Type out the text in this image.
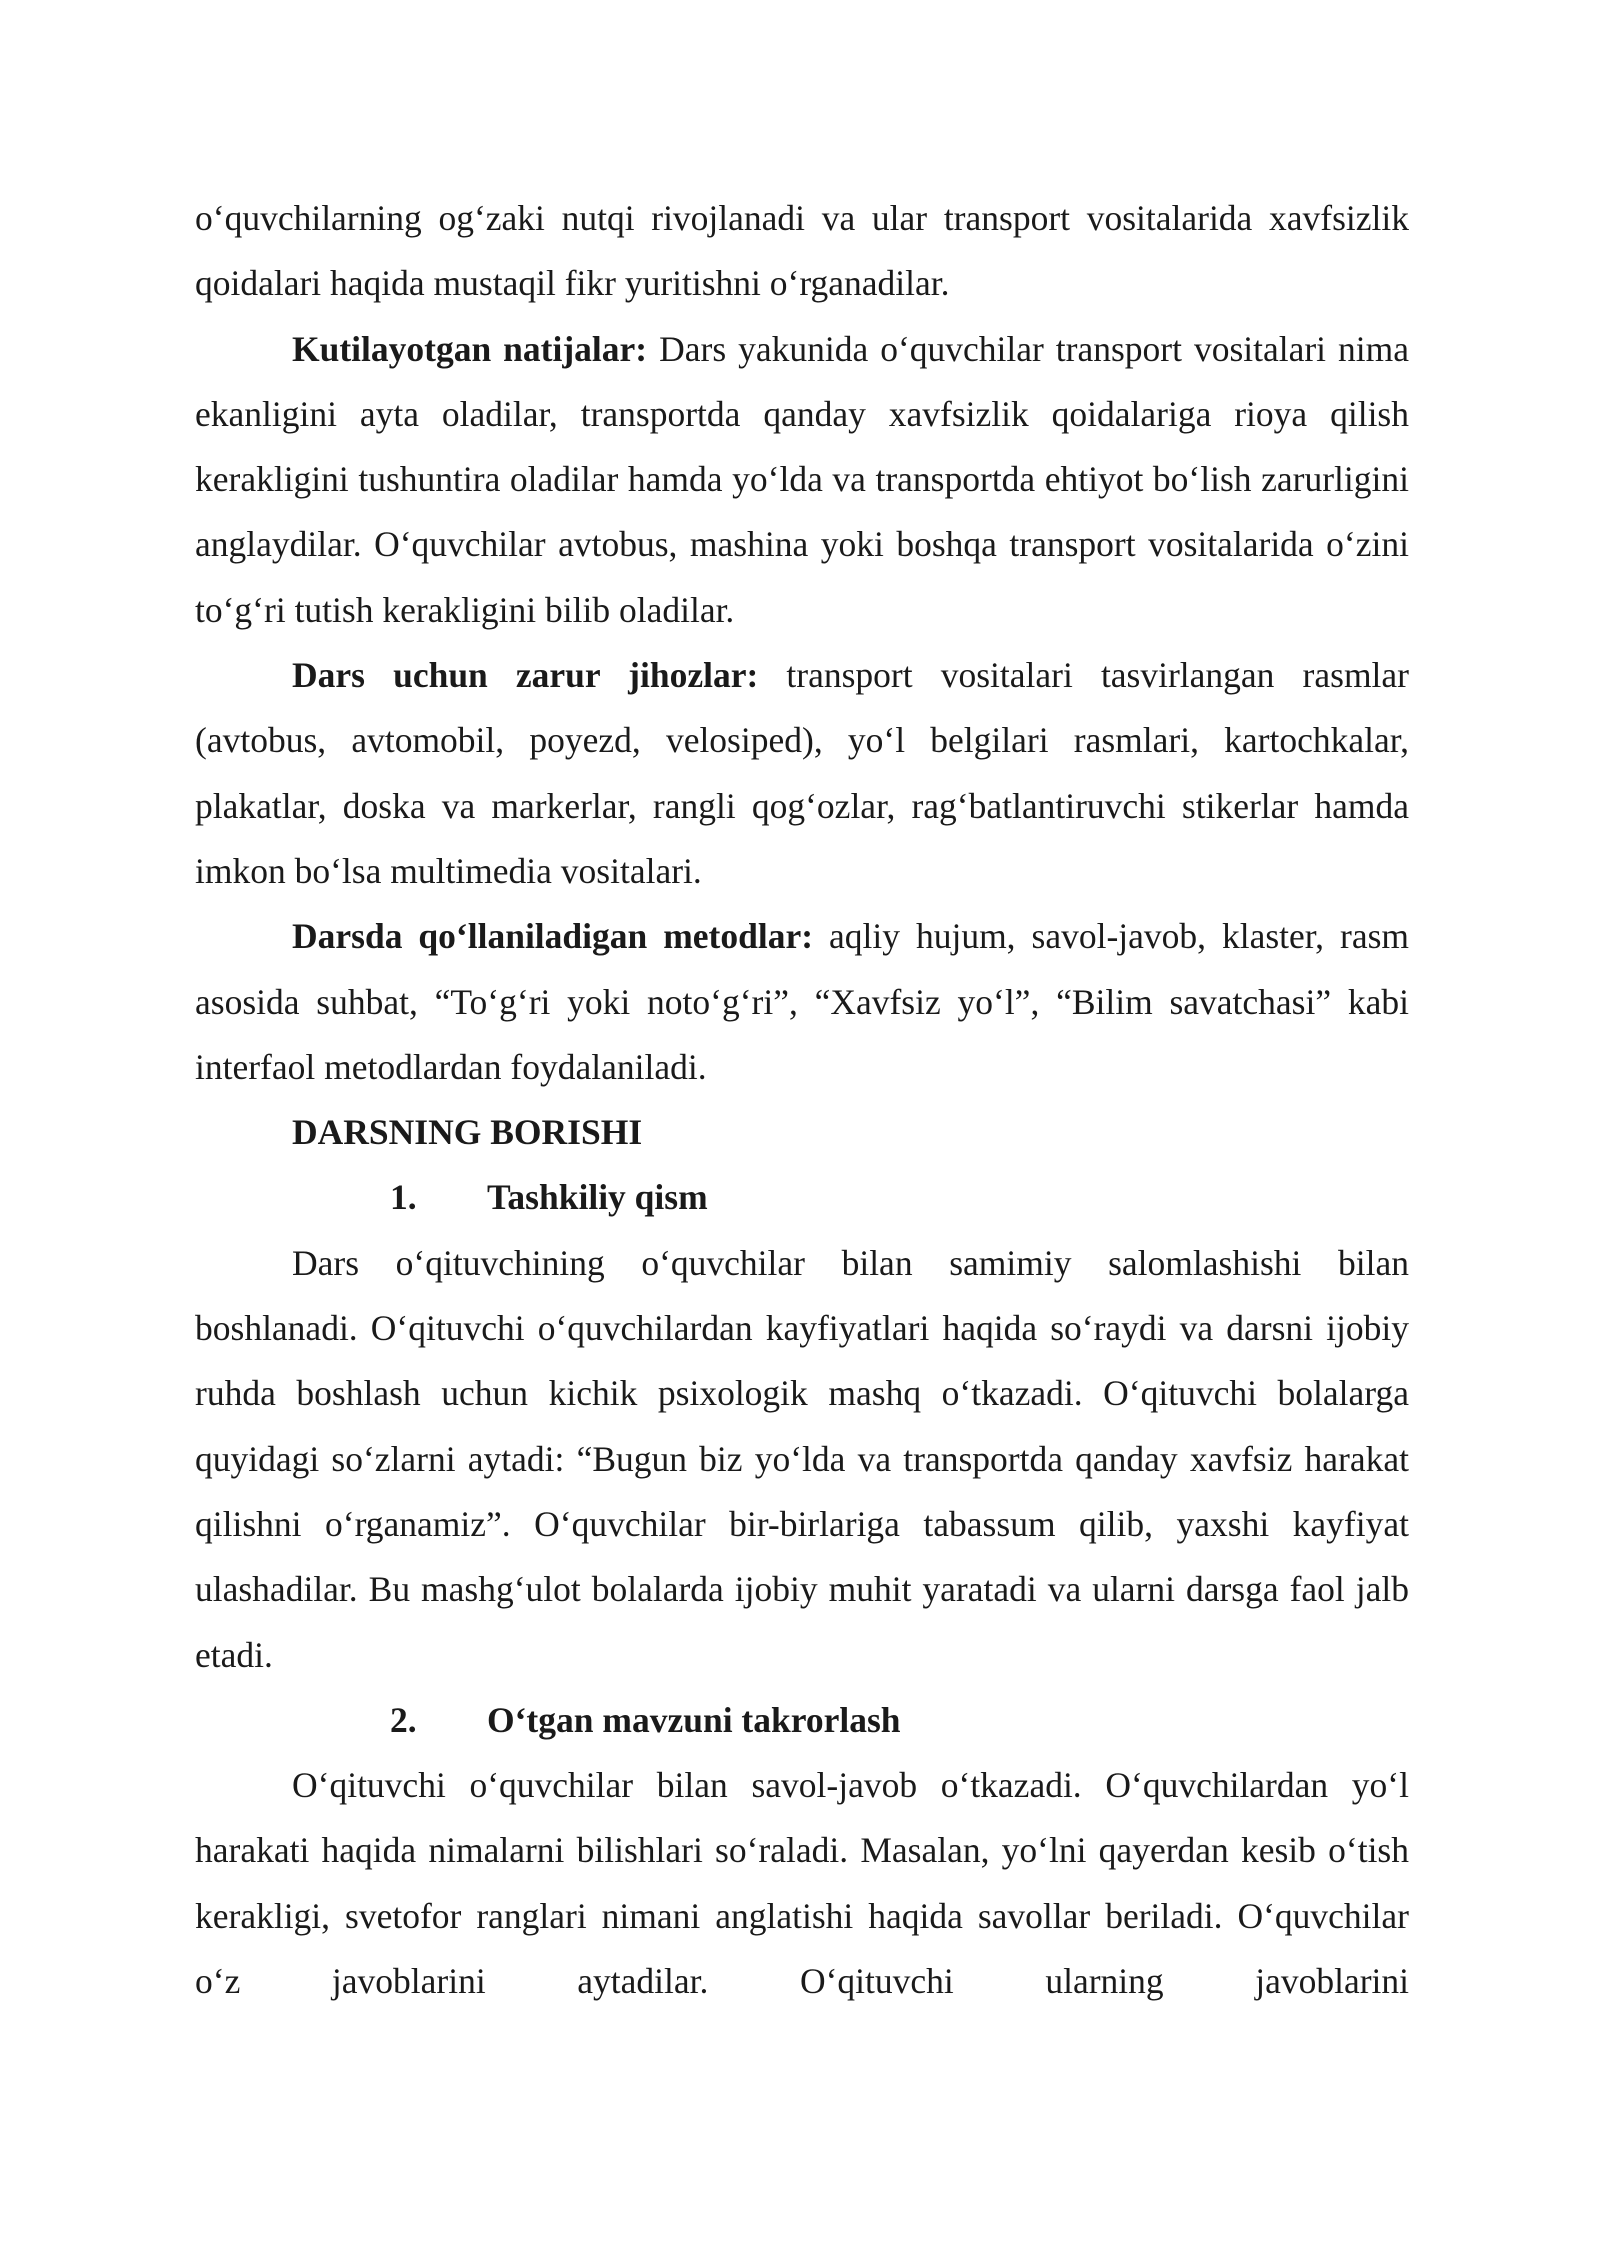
o‘quvchilarning og‘zaki nutqi rivojlanadi va ular transport vositalarida xavfsizlik qoidalari haqida mustaqil fikr yuritishni o‘rganadilar.

Kutilayotgan natijalar: Dars yakunida o‘quvchilar transport vositalari nima ekanligini ayta oladilar, transportda qanday xavfsizlik qoidalariga rioya qilish kerakligini tushuntira oladilar hamda yo‘lda va transportda ehtiyot bo‘lish zarurligini anglaydilar. O‘quvchilar avtobus, mashina yoki boshqa transport vositalarida o‘zini to‘g‘ri tutish kerakligini bilib oladilar.

Dars uchun zarur jihozlar: transport vositalari tasvirlangan rasmlar (avtobus, avtomobil, poyezd, velosiped), yo‘l belgilari rasmlari, kartochkalar, plakatlar, doska va markerlar, rangli qog‘ozlar, rag‘batlantiruvchi stikerlar hamda imkon bo‘lsa multimedia vositalari.

Darsda qo‘llaniladigan metodlar: aqliy hujum, savol-javob, klaster, rasm asosida suhbat, “To‘g‘ri yoki noto‘g‘ri”, “Xavfsiz yo‘l”, “Bilim savatchasi” kabi interfaol metodlardan foydalaniladi.

DARSNING BORISHI

1. Tashkiliy qism

Dars o‘qituvchining o‘quvchilar bilan samimiy salomlashishi bilan boshlanadi. O‘qituvchi o‘quvchilardan kayfiyatlari haqida so‘raydi va darsni ijobiy ruhda boshlash uchun kichik psixologik mashq o‘tkazadi. O‘qituvchi bolalarga quyidagi so‘zlarni aytadi: “Bugun biz yo‘lda va transportda qanday xavfsiz harakat qilishni o‘rganamiz”. O‘quvchilar bir-birlariga tabassum qilib, yaxshi kayfiyat ulashadilar. Bu mashg‘ulot bolalarda ijobiy muhit yaratadi va ularni darsga faol jalb etadi.

2. O‘tgan mavzuni takrorlash

O‘qituvchi o‘quvchilar bilan savol-javob o‘tkazadi. O‘quvchilardan yo‘l harakati haqida nimalarni bilishlari so‘raladi. Masalan, yo‘lni qayerdan kesib o‘tish kerakligi, svetofor ranglari nimani anglatishi haqida savollar beriladi. O‘quvchilar o‘z javoblarini aytadilar. O‘qituvchi ularning javoblarini
